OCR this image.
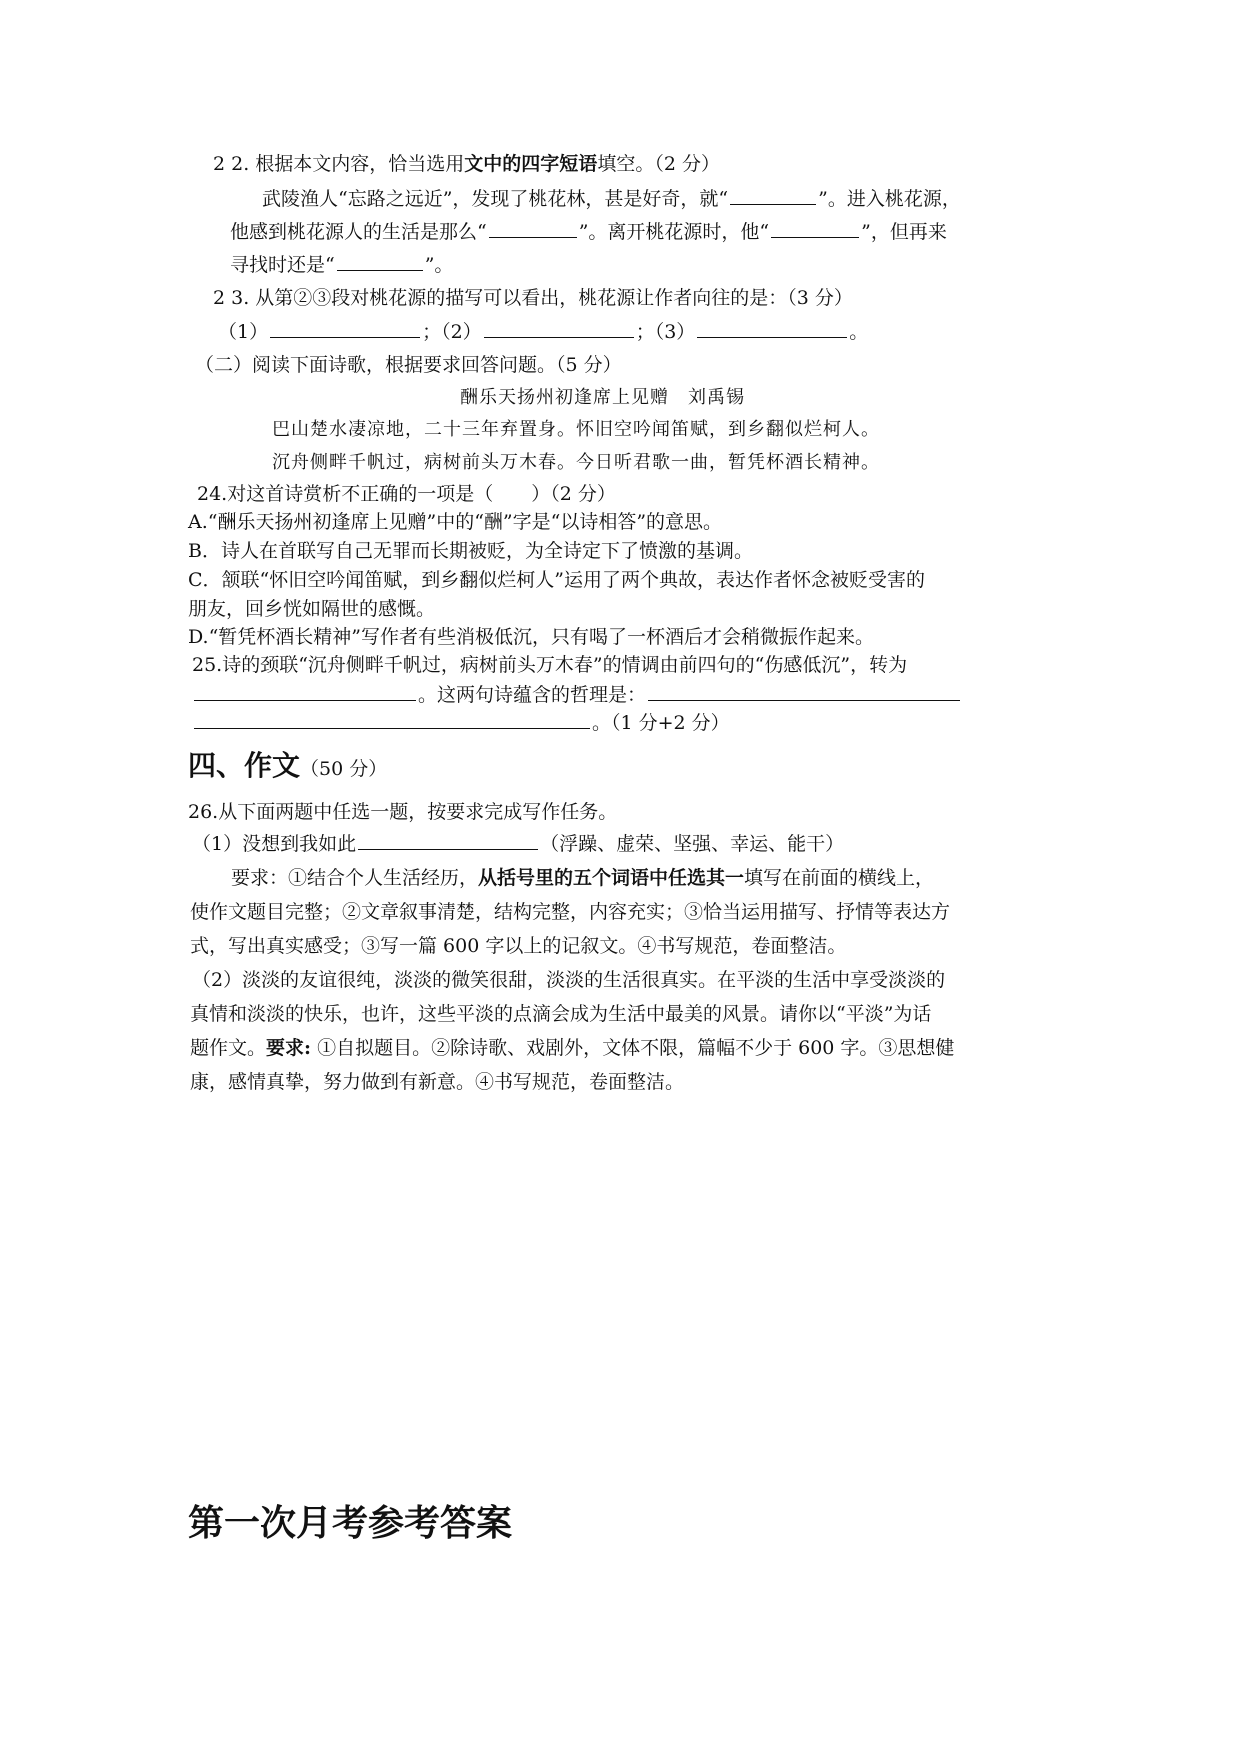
2 2. 根据本文内容，恰当选用文中的四字短语填空。（2 分）
武陵渔人“忘路之远近”，发现了桃花林，甚是好奇，就“	”。进入桃花源，
他感到桃花源人的生活是那么“	”。离开桃花源时，他“	”，但再来
寻找时还是“	”。
2 3. 从第②③段对桃花源的描写可以看出，桃花源让作者向往的是：（3 分）
（1）	；（2）	；（3）	。
（二）阅读下面诗歌，根据要求回答问题。（5 分）
酬乐天扬州初逢席上见赠　刘禹锡
巴山楚水凄凉地，二十三年弃置身。怀旧空吟闻笛赋，到乡翻似烂柯人。
沉舟侧畔千帆过，病树前头万木春。今日听君歌一曲，暂凭杯酒长精神。
24.对这首诗赏析不正确的一项是（　　）（2 分）
A.“酬乐天扬州初逢席上见赠”中的“酬”字是“以诗相答”的意思。
B．诗人在首联写自己无罪而长期被贬，为全诗定下了愤激的基调。
C．颔联“怀旧空吟闻笛赋，到乡翻似烂柯人”运用了两个典故，表达作者怀念被贬受害的
朋友，回乡恍如隔世的感慨。
D.“暂凭杯酒长精神”写作者有些消极低沉，只有喝了一杯酒后才会稍微振作起来。
25.诗的颈联“沉舟侧畔千帆过，病树前头万木春”的情调由前四句的“伤感低沉”，转为
。这两句诗蕴含的哲理是：
。（1 分+2 分）
四、作文（50 分）
26.从下面两题中任选一题，按要求完成写作任务。
（1）没想到我如此	（浮躁、虚荣、坚强、幸运、能干）
要求：①结合个人生活经历，从括号里的五个词语中任选其一填写在前面的横线上，
使作文题目完整；②文章叙事清楚，结构完整，内容充实；③恰当运用描写、抒情等表达方
式，写出真实感受；③写一篇 600 字以上的记叙文。④书写规范，卷面整洁。
（2）淡淡的友谊很纯，淡淡的微笑很甜，淡淡的生活很真实。在平淡的生活中享受淡淡的
真情和淡淡的快乐，也许，这些平淡的点滴会成为生活中最美的风景。请你以“平淡”为话
题作文。要求: ①自拟题目。②除诗歌、戏剧外，文体不限，篇幅不少于 600 字。③思想健
康，感情真挚，努力做到有新意。④书写规范，卷面整洁。
第一次月考参考答案
